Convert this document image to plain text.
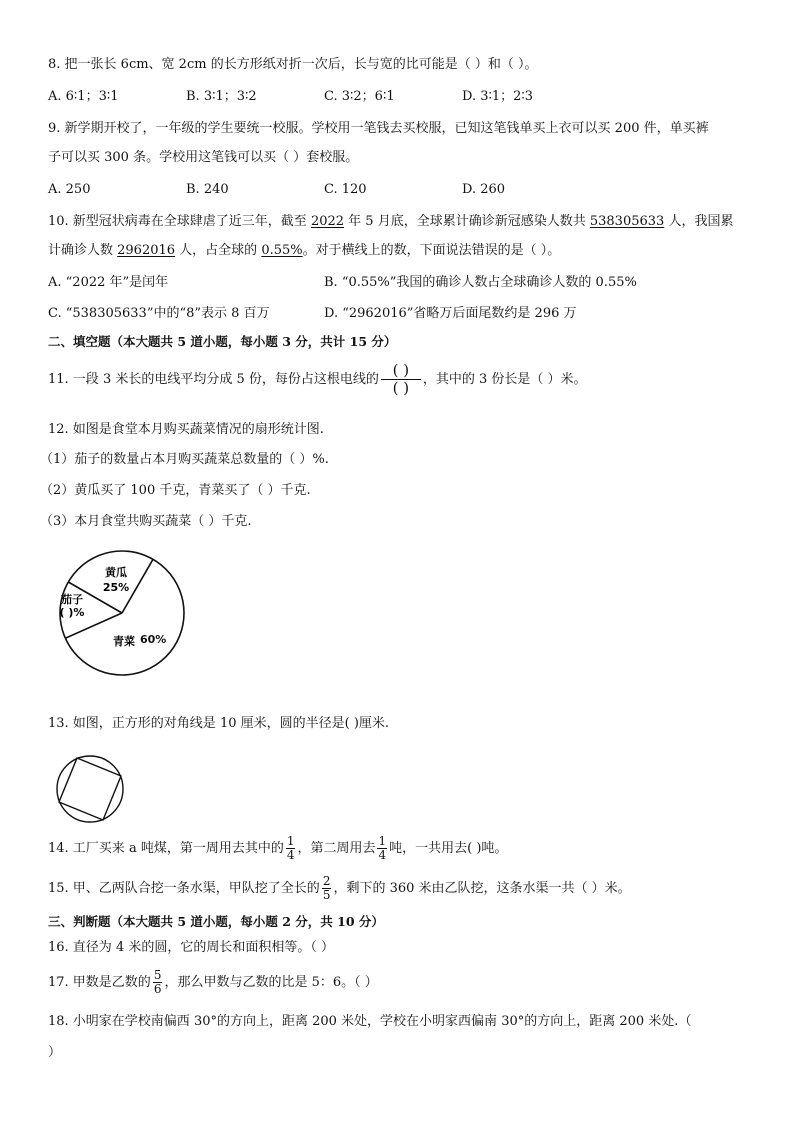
8. 把一张长 6cm、宽 2cm 的长方形纸对折一次后，长与宽的比可能是（ ）和（ ）。
A. 6∶1；3∶1	B. 3∶1；3∶2	C. 3∶2；6∶1	D. 3∶1；2∶3
9. 新学期开校了，一年级的学生要统一校服。学校用一笔钱去买校服，已知这笔钱单买上衣可以买 200 件，单买裤
子可以买 300 条。学校用这笔钱可以买（ ）套校服。
A. 250	B. 240	C. 120	D. 260
10. 新型冠状病毒在全球肆虐了近三年，截至 2022 年 5 月底，全球累计确诊新冠感染人数共 538305633 人，我国累
计确诊人数 2962016 人，占全球的 0.55%。对于横线上的数，下面说法错误的是（ ）。
A. “2022 年”是闰年	B. “0.55%”我国的确诊人数占全球确诊人数的 0.55%
C. “538305633”中的“8”表示 8 百万	D. “2962016”省略万后面尾数约是 296 万
二、填空题（本大题共 5 道小题，每小题 3 分，共计 15 分）
11. 一段 3 米长的电线平均分成 5 份，每份占这根电线的
( )
( )	，其中的 3 份长是（ ）米。
12. 如图是食堂本月购买蔬菜情况的扇形统计图.
（1）茄子的数量占本月购买蔬菜总数量的（ ）%.
（2）黄瓜买了 100 千克，青菜买了（ ）千克.
（3）本月食堂共购买蔬菜（ ）千克.
黄瓜
25%
茄子
( )%
青菜 60%
13. 如图，正方形的对角线是 10 厘米，圆的半径是( )厘米.
14. 工厂买来 a 吨煤，第一周用去其中的 $\frac{1}{4}$ ，第二周用去 $\frac{1}{4}$ 吨，一共用去( )吨。
15. 甲、乙两队合挖一条水渠，甲队挖了全长的 $\frac{2}{5}$ ，剩下的 360 米由乙队挖，这条水渠一共（ ）米。
三、判断题（本大题共 5 道小题，每小题 2 分，共 10 分）
16. 直径为 4 米的圆，它的周长和面积相等。（ ）
17. 甲数是乙数的 $\frac{5}{6}$ ，那么甲数与乙数的比是 5：6。（ ）
18. 小明家在学校南偏西 30°的方向上，距离 200 米处，学校在小明家西偏南 30°的方向上，距离 200 米处.（
）
